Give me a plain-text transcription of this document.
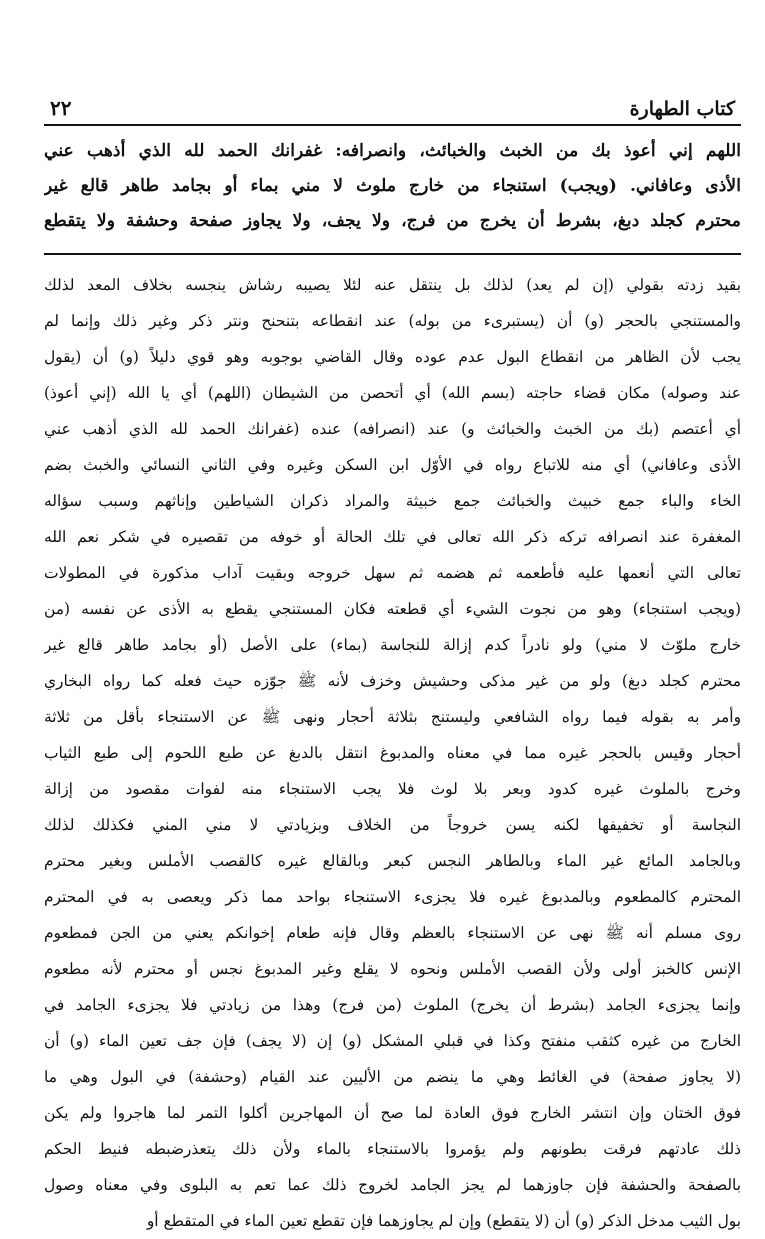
كتاب الطهارة
٢٢
اللهم إني أعوذ بك من الخبث والخبائث، وانصرافه: غفرانك الحمد لله الذي أذهب عني
الأذى وعافاني. (ويجب) استنجاء من خارج ملوث لا مني بماء أو بجامد طاهر قالع غير
محترم كجلد دبغ، بشرط أن يخرج من فرج، ولا يجف، ولا يجاوز صفحة وحشفة ولا يتقطع
بقيد زدته بقولي (إن لم يعد) لذلك بل ينتقل عنه لئلا يصيبه رشاش ينجسه بخلاف المعد لذلك
والمستنجي بالحجر (و) أن (يستبرىء من بوله) عند انقطاعه بتنحنح ونتر ذكر وغير ذلك وإنما لم
يجب لأن الظاهر من انقطاع البول عدم عوده وقال القاضي بوجوبه وهو قوي دليلاً (و) أن (يقول
عند وصوله) مكان قضاء حاجته (بسم الله) أي أتحصن من الشيطان (اللهم) أي يا الله (إني أعوذ)
أي أعتصم (بك من الخبث والخبائث و) عند (انصرافه) عنده (غفرانك الحمد لله الذي أذهب عني
الأذى وعافاني) أي منه للاتباع رواه في الأوّل ابن السكن وغيره وفي الثاني النسائي والخبث بضم
الخاء والباء جمع خبيث والخبائث جمع خبيثة والمراد ذكران الشياطين وإناثهم وسبب سؤاله
المغفرة عند انصرافه تركه ذكر الله تعالى في تلك الحالة أو خوفه من تقصيره في شكر نعم الله
تعالى التي أنعمها عليه فأطعمه ثم هضمه ثم سهل خروجه وبقيت آداب مذكورة في المطولات
(ويجب استنجاء) وهو من نجوت الشيء أي قطعته فكان المستنجي يقطع به الأذى عن نفسه (من
خارج ملوّث لا مني) ولو نادراً كدم إزالة للنجاسة (بماء) على الأصل (أو بجامد طاهر قالع غير
محترم كجلد دبغ) ولو من غير مذكى وحشيش وخزف لأنه ﷺ جوّزه حيث فعله كما رواه البخاري
وأمر به بقوله فيما رواه الشافعي وليستنج بثلاثة أحجار ونهى ﷺ عن الاستنجاء بأقل من ثلاثة
أحجار وقيس بالحجر غيره مما في معناه والمدبوغ انتقل بالدبغ عن طبع اللحوم إلى طبع الثياب
وخرج بالملوث غيره كدود وبعر بلا لوث فلا يجب الاستنجاء منه لفوات مقصود من إزالة
النجاسة أو تخفيفها لكنه يسن خروجاً من الخلاف وبزيادتي لا مني المني فكذلك لذلك
وبالجامد المائع غير الماء وبالطاهر النجس كبعر وبالقالع غيره كالقصب الأملس وبغير محترم
المحترم كالمطعوم وبالمدبوغ غيره فلا يجزىء الاستنجاء بواحد مما ذكر ويعصى به في المحترم
روى مسلم أنه ﷺ نهى عن الاستنجاء بالعظم وقال فإنه طعام إخوانكم يعني من الجن فمطعوم
الإنس كالخبز أولى ولأن القصب الأملس ونحوه لا يقلع وغير المدبوغ نجس أو محترم لأنه مطعوم
وإنما يجزىء الجامد (بشرط أن يخرج) الملوث (من فرج) وهذا من زيادتي فلا يجزىء الجامد في
الخارج من غيره كثقب منفتح وكذا في قبلي المشكل (و) إن (لا يجف) فإن جف تعين الماء (و) أن
(لا يجاوز صفحة) في الغائط وهي ما ينضم من الأليين عند القيام (وحشفة) في البول وهي ما
فوق الختان وإن انتشر الخارج فوق العادة لما صح أن المهاجرين أكلوا التمر لما هاجروا ولم يكن
ذلك عادتهم فرقت بطونهم ولم يؤمروا بالاستنجاء بالماء ولأن ذلك يتعذرضبطه فنيط الحكم
بالصفحة والحشفة فإن جاوزهما لم يجز الجامد لخروج ذلك عما تعم به البلوى وفي معناه وصول
بول الثيب مدخل الذكر (و) أن (لا يتقطع) وإن لم يجاوزهما فإن تقطع تعين الماء في المتقطع أو
